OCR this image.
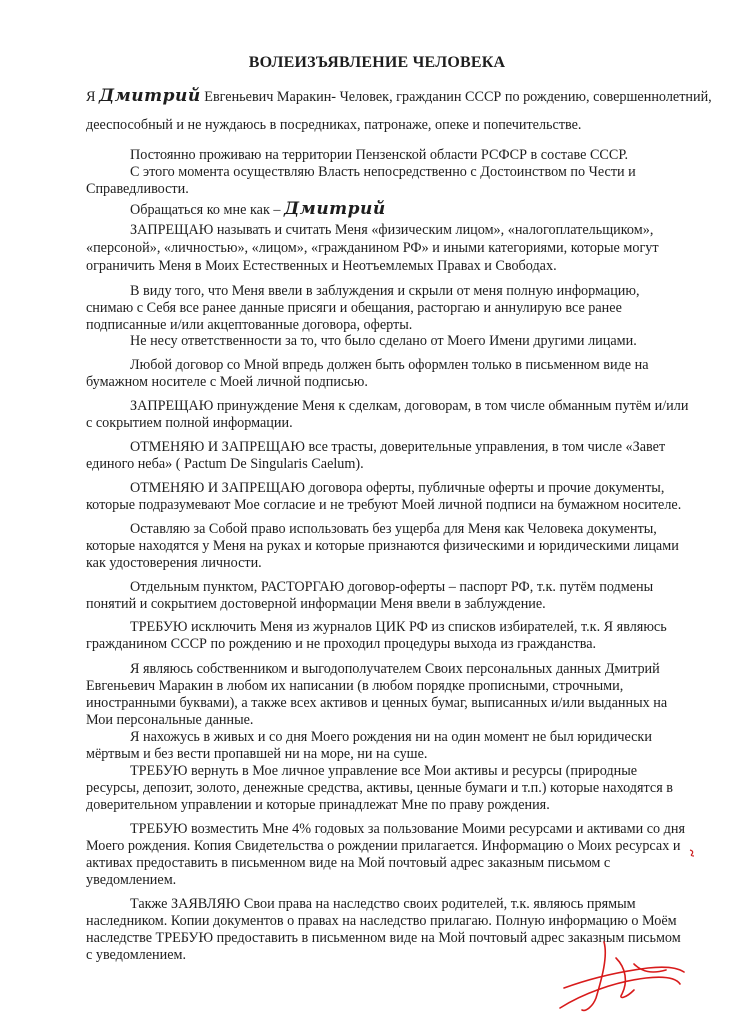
ВОЛЕИЗЪЯВЛЕНИЕ ЧЕЛОВЕКА
Я Дмитрий Евгеньевич Маракин- Человек, гражданин СССР по рождению, совершеннолетний,
дееспособный и не нуждаюсь в посредниках, патронаже, опеке и попечительстве.
Постоянно проживаю на территории Пензенской области РСФСР в составе СССР.
С этого момента осуществляю Власть непосредственно с Достоинством по Чести и
Справедливости.
Обращаться ко мне как – Дмитрий
ЗАПРЕЩАЮ называть и считать Меня «физическим лицом», «налогоплательщиком»,
«персоной», «личностью», «лицом», «гражданином РФ» и иными категориями, которые могут
ограничить Меня в Моих Естественных и Неотъемлемых Правах и Свободах.
В виду того, что Меня ввели в заблуждения и скрыли от меня полную информацию,
снимаю с Себя все ранее данные присяги и обещания, расторгаю и аннулирую все ранее
подписанные и/или акцептованные договора, оферты.
Не несу ответственности за то, что было сделано от Моего Имени другими лицами.
Любой договор со Мной впредь должен быть оформлен только в письменном виде на
бумажном носителе с Моей личной подписью.
ЗАПРЕЩАЮ принуждение Меня к сделкам, договорам, в том числе обманным путём и/или
с сокрытием полной информации.
ОТМЕНЯЮ И ЗАПРЕЩАЮ все трасты, доверительные управления, в том числе «Завет
единого неба» ( Pactum De Singularis Caelum).
ОТМЕНЯЮ И ЗАПРЕЩАЮ договора оферты, публичные оферты и прочие документы,
которые подразумевают Мое согласие и не требуют Моей личной подписи на бумажном носителе.
Оставляю за Собой право использовать без ущерба для Меня как Человека документы,
которые находятся у Меня на руках и которые признаются физическими и юридическими лицами
как удостоверения личности.
Отдельным пунктом, РАСТОРГАЮ договор-оферты – паспорт РФ, т.к. путём подмены
понятий и сокрытием достоверной информации Меня ввели в заблуждение.
ТРЕБУЮ исключить Меня из журналов ЦИК РФ из списков избирателей, т.к. Я являюсь
гражданином СССР по рождению и не проходил процедуры выхода из гражданства.
Я являюсь собственником и выгодополучателем Своих персональных данных Дмитрий
Евгеньевич Маракин в любом их написании (в любом порядке прописными, строчными,
иностранными буквами), а также всех активов и ценных бумаг, выписанных и/или выданных на
Мои персональные данные.
Я нахожусь в живых и со дня Моего рождения ни на один момент не был юридически
мёртвым и без вести пропавшей ни на море, ни на суше.
ТРЕБУЮ вернуть в Мое личное управление все Мои активы и ресурсы (природные
ресурсы, депозит, золото, денежные средства, активы, ценные бумаги и т.п.) которые находятся в
доверительном управлении и которые принадлежат Мне по праву рождения.
ТРЕБУЮ возместить Мне 4% годовых за пользование Моими ресурсами и активами со дня
Моего рождения. Копия Свидетельства о рождении прилагается. Информацию о Моих ресурсах и
активах предоставить в письменном виде на Мой почтовый адрес заказным письмом с
уведомлением.
Также ЗАЯВЛЯЮ Свои права на наследство своих родителей, т.к. являюсь прямым
наследником. Копии документов о правах на наследство прилагаю. Полную информацию о Моём
наследстве ТРЕБУЮ предоставить в письменном виде на Мой почтовый адрес заказным письмом
с уведомлением.
